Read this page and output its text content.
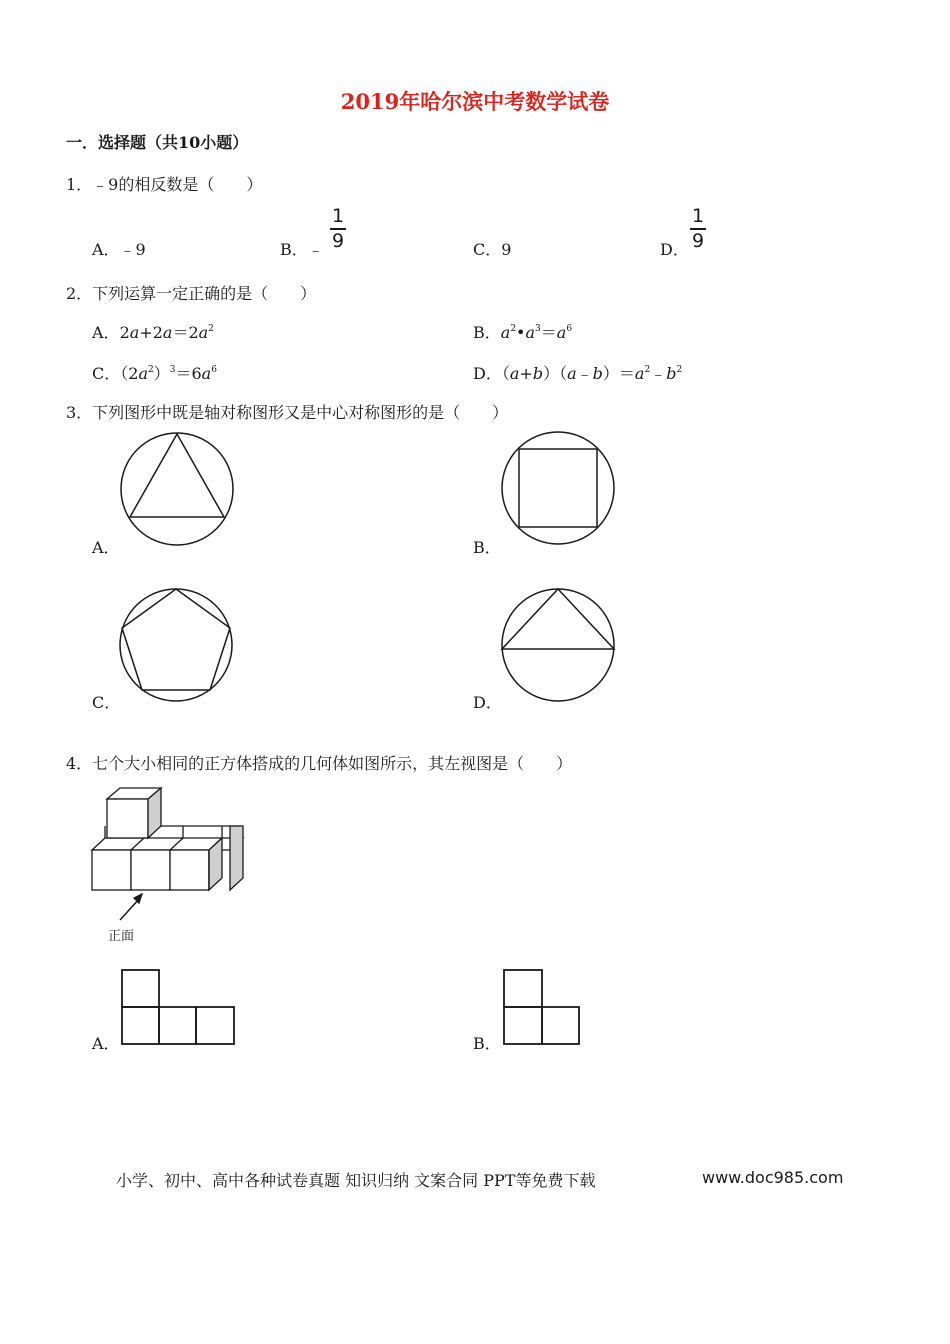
2019年哈尔滨中考数学试卷
一．选择题（共10小题）
1．﹣9的相反数是（　　）
A．﹣9	B．﹣
1
9	C．9	D．
1
9
2．下列运算一定正确的是（　　）
A．$2a+2a=2a^2$	B．$a^2•a^3=a^6$
C．$(2a^2)^3=6a^6$	D．$(a+b)(a﹣b)=a^2﹣b^2$
3．下列图形中既是轴对称图形又是中心对称图形的是（　　）
A．	B．
C．	D．
4．七个大小相同的正方体搭成的几何体如图所示，其左视图是（　　）
正面
A．	B．
小学、初中、高中各种试卷真题 知识归纳 文案合同 PPT等免费下载	www.doc985.com
